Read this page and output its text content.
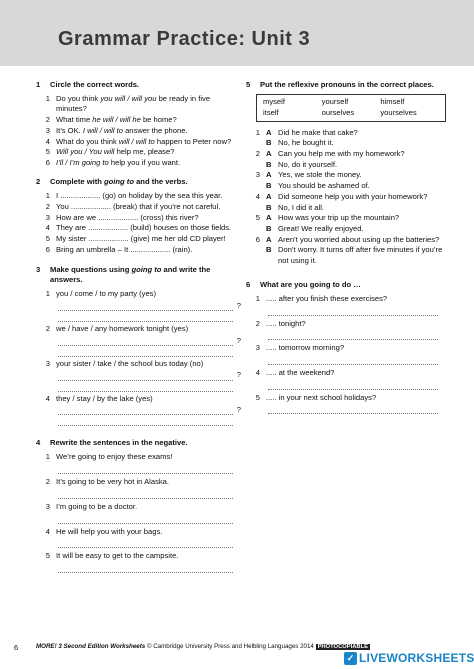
Grammar Practice: Unit 3
1	Circle the correct words.
1 Do you think you will / will you be ready in five minutes?
2 What time he will / will he be home?
3 It’s OK. I will / will to answer the phone.
4 What do you think will / will to happen to Peter now?
5 Will you / You will help me, please?
6 I’ll / I’m going to help you if you want.
2	Complete with going to and the verbs.
1 I ................... (go) on holiday by the sea this year.
2 You ................... (break) that if you’re not careful.
3 How are we ................... (cross) this river?
4 They are ................... (build) houses on those fields.
5 My sister ................... (give) me her old CD player!
6 Bring an umbrella – It ................... (rain).
3	Make questions using going to and write the answers.
1 you / come / to my party (yes)
?
2 we / have / any homework tonight (yes)
?
3 your sister / take / the school bus today (no)
?
4 they / stay / by the lake (yes)
?
4	Rewrite the sentences in the negative.
1 We’re going to enjoy these exams!
2 It’s going to be very hot in Alaska.
3 I’m going to be a doctor.
4 He will help you with your bags.
5 It will be easy to get to the campsite.
5	Put the reflexive pronouns in the correct places.
myself	yourself	himself
itself	ourselves	yourselves
1 A Did he make that cake?
B No, he bought it.
2 A Can you help me with my homework?
B No, do it yourself.
3 A Yes, we stole the money.
B You should be ashamed of.
4 A Did someone help you with your homework?
B No, I did it all.
5 A How was your trip up the mountain?
B Great! We really enjoyed.
6 A Aren’t you worried about using up the batteries?
B Don’t worry. It turns off after five minutes if you’re not using it.
6	What are you going to do …
1 ..... after you finish these exercises?
2 ..... tonight?
3 ..... tomorrow morning?
4 ..... at the weekend?
5 ..... in your next school holidays?
6	MORE! 3 Second Edition Worksheets © Cambridge University Press and Helbling Languages 2014 PHOTOCOPIABLE
✓ LIVEWORKSHEETS
